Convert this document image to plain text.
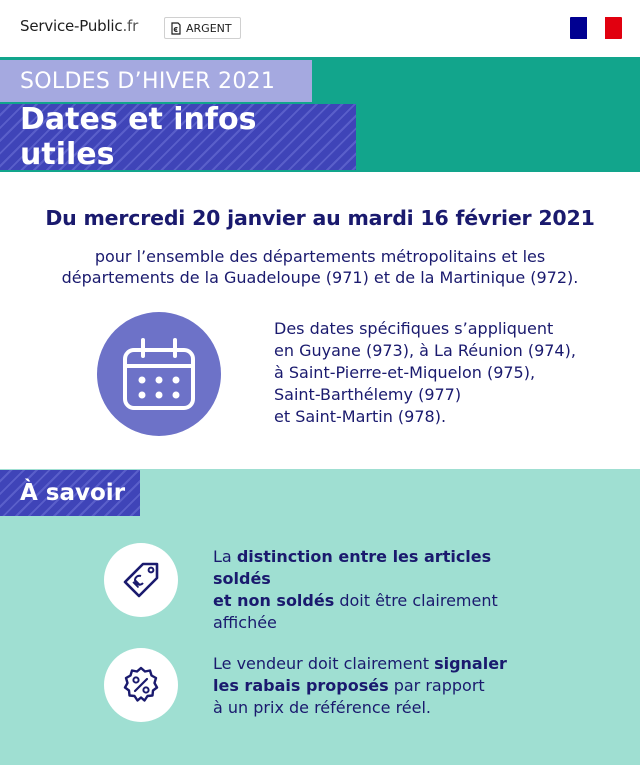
Service-Public.fr	ARGENT
SOLDES D’HIVER 2021
Dates et infos utiles
Du mercredi 20 janvier au mardi 16 février 2021
pour l’ensemble des départements métropolitains et les
départements de la Guadeloupe (971) et de la Martinique (972).
Des dates spécifiques s’appliquent
en Guyane (973), à La Réunion (974),
à Saint-Pierre-et-Miquelon (975),
Saint-Barthélemy (977)
et Saint-Martin (978).
À savoir
La distinction entre les articles soldés
et non soldés doit être clairement
affichée
Le vendeur doit clairement signaler
les rabais proposés par rapport
à un prix de référence réel.
